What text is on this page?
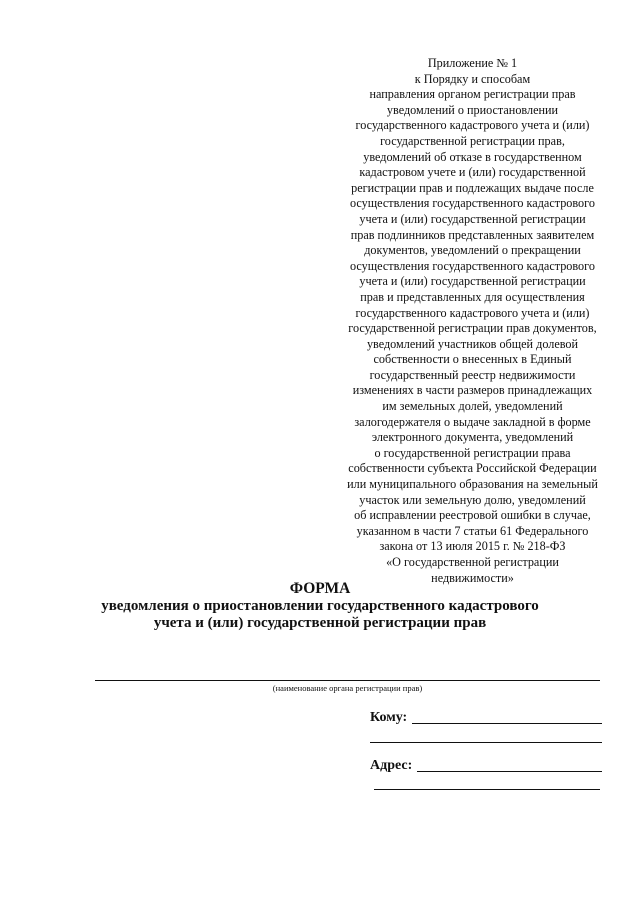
Приложение № 1
к Порядку и способам
направления органом регистрации прав
уведомлений о приостановлении
государственного кадастрового учета и (или)
государственной регистрации прав,
уведомлений об отказе в государственном
кадастровом учете и (или) государственной
регистрации прав и подлежащих выдаче после
осуществления государственного кадастрового
учета и (или) государственной регистрации
прав подлинников представленных заявителем
документов, уведомлений о прекращении
осуществления государственного кадастрового
учета и (или) государственной регистрации
прав и представленных для осуществления
государственного кадастрового учета и (или)
государственной регистрации прав документов,
уведомлений участников общей долевой
собственности о внесенных в Единый
государственный реестр недвижимости
изменениях в части размеров принадлежащих
им земельных долей, уведомлений
залогодержателя о выдаче закладной в форме
электронного документа, уведомлений
о государственной регистрации права
собственности субъекта Российской Федерации
или муниципального образования на земельный
участок или земельную долю, уведомлений
об исправлении реестровой ошибки в случае,
указанном в части 7 статьи 61 Федерального
закона от 13 июля 2015 г. № 218-ФЗ
«О государственной регистрации
недвижимости»
ФОРМА
уведомления о приостановлении государственного кадастрового
учета и (или) государственной регистрации прав
(наименование органа регистрации прав)
Кому:
Адрес:
